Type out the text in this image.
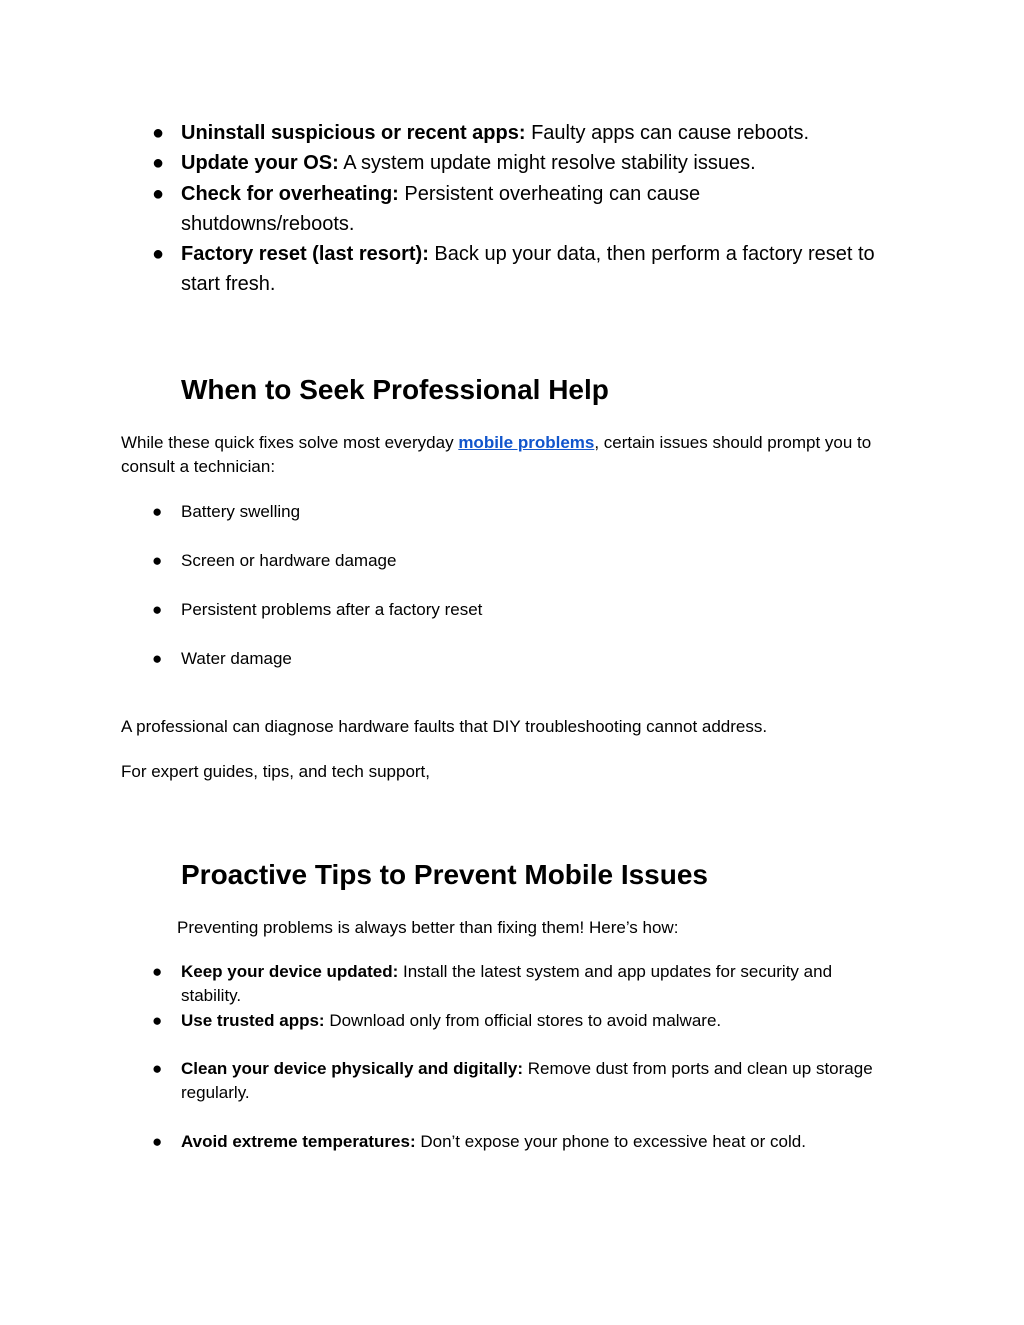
● Uninstall suspicious or recent apps: Faulty apps can cause reboots.
● Update your OS: A system update might resolve stability issues.
● Check for overheating: Persistent overheating can cause shutdowns/reboots.
● Factory reset (last resort): Back up your data, then perform a factory reset to start fresh.
When to Seek Professional Help

While these quick fixes solve most everyday mobile problems, certain issues should prompt you to consult a technician:

● Battery swelling
● Screen or hardware damage
● Persistent problems after a factory reset
● Water damage

A professional can diagnose hardware faults that DIY troubleshooting cannot address.

For expert guides, tips, and tech support,

Proactive Tips to Prevent Mobile Issues

Preventing problems is always better than fixing them! Here’s how:

● Keep your device updated: Install the latest system and app updates for security and stability.
● Use trusted apps: Download only from official stores to avoid malware.
● Clean your device physically and digitally: Remove dust from ports and clean up storage regularly.
● Avoid extreme temperatures: Don’t expose your phone to excessive heat or cold.
